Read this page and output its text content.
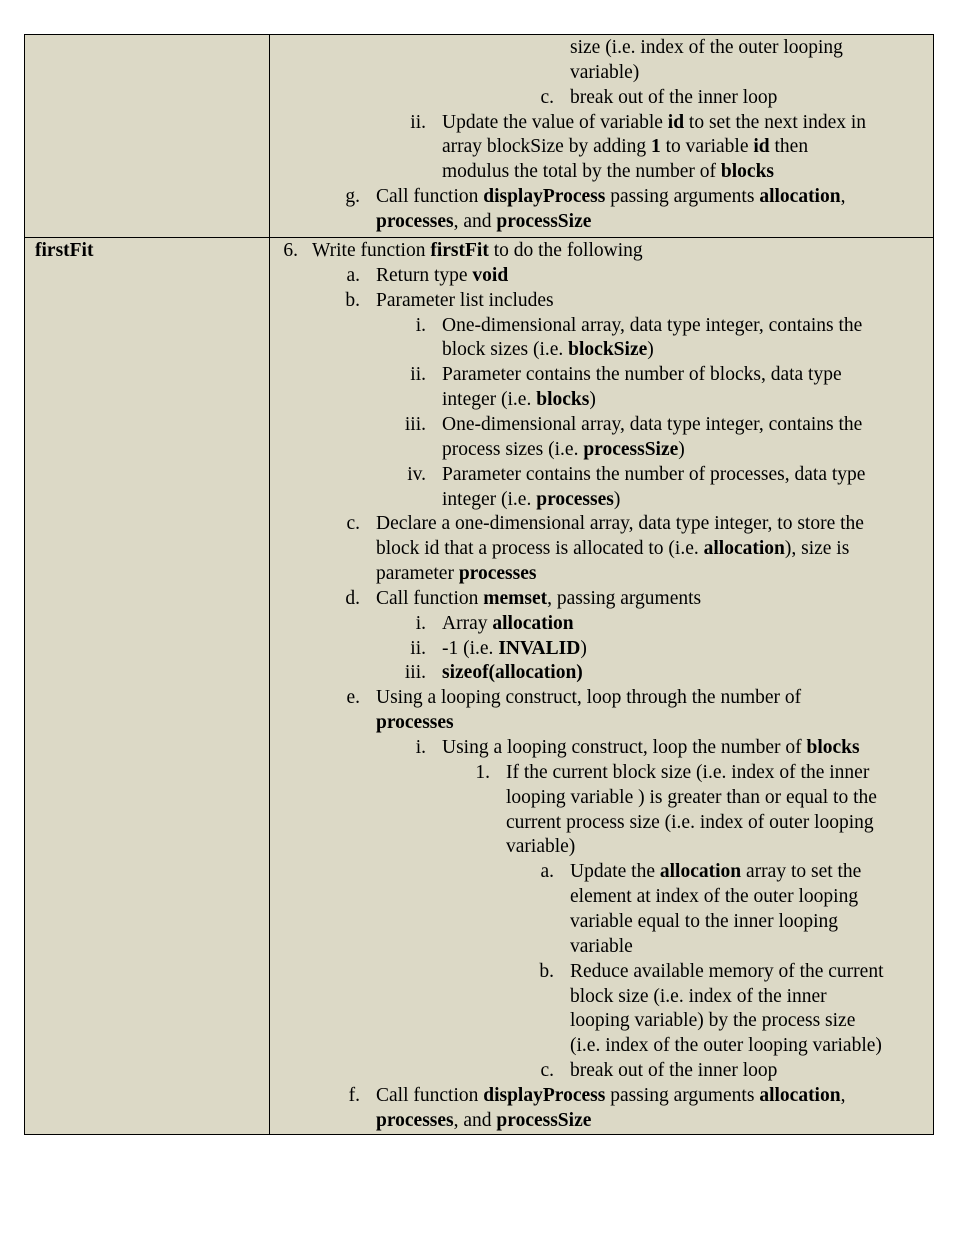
size (i.e. index of the outer looping
variable)
c. break out of the inner loop
ii. Update the value of variable id to set the next index in
array blockSize by adding 1 to variable id then
modulus the total by the number of blocks
g. Call function displayProcess passing arguments allocation,
processes, and processSize
firstFit	6. Write function firstFit to do the following
a. Return type void
b. Parameter list includes
i. One-dimensional array, data type integer, contains the
block sizes (i.e. blockSize)
ii. Parameter contains the number of blocks, data type
integer (i.e. blocks)
iii. One-dimensional array, data type integer, contains the
process sizes (i.e. processSize)
iv. Parameter contains the number of processes, data type
integer (i.e. processes)
c. Declare a one-dimensional array, data type integer, to store the
block id that a process is allocated to (i.e. allocation), size is
parameter processes
d. Call function memset, passing arguments
i. Array allocation
ii. -1 (i.e. INVALID)
iii. sizeof(allocation)
e. Using a looping construct, loop through the number of
processes
i. Using a looping construct, loop the number of blocks
1. If the current block size (i.e. index of the inner
looping variable ) is greater than or equal to the
current process size (i.e. index of outer looping
variable)
a. Update the allocation array to set the
element at index of the outer looping
variable equal to the inner looping
variable
b. Reduce available memory of the current
block size (i.e. index of the inner
looping variable) by the process size
(i.e. index of the outer looping variable)
c. break out of the inner loop
f. Call function displayProcess passing arguments allocation,
processes, and processSize
